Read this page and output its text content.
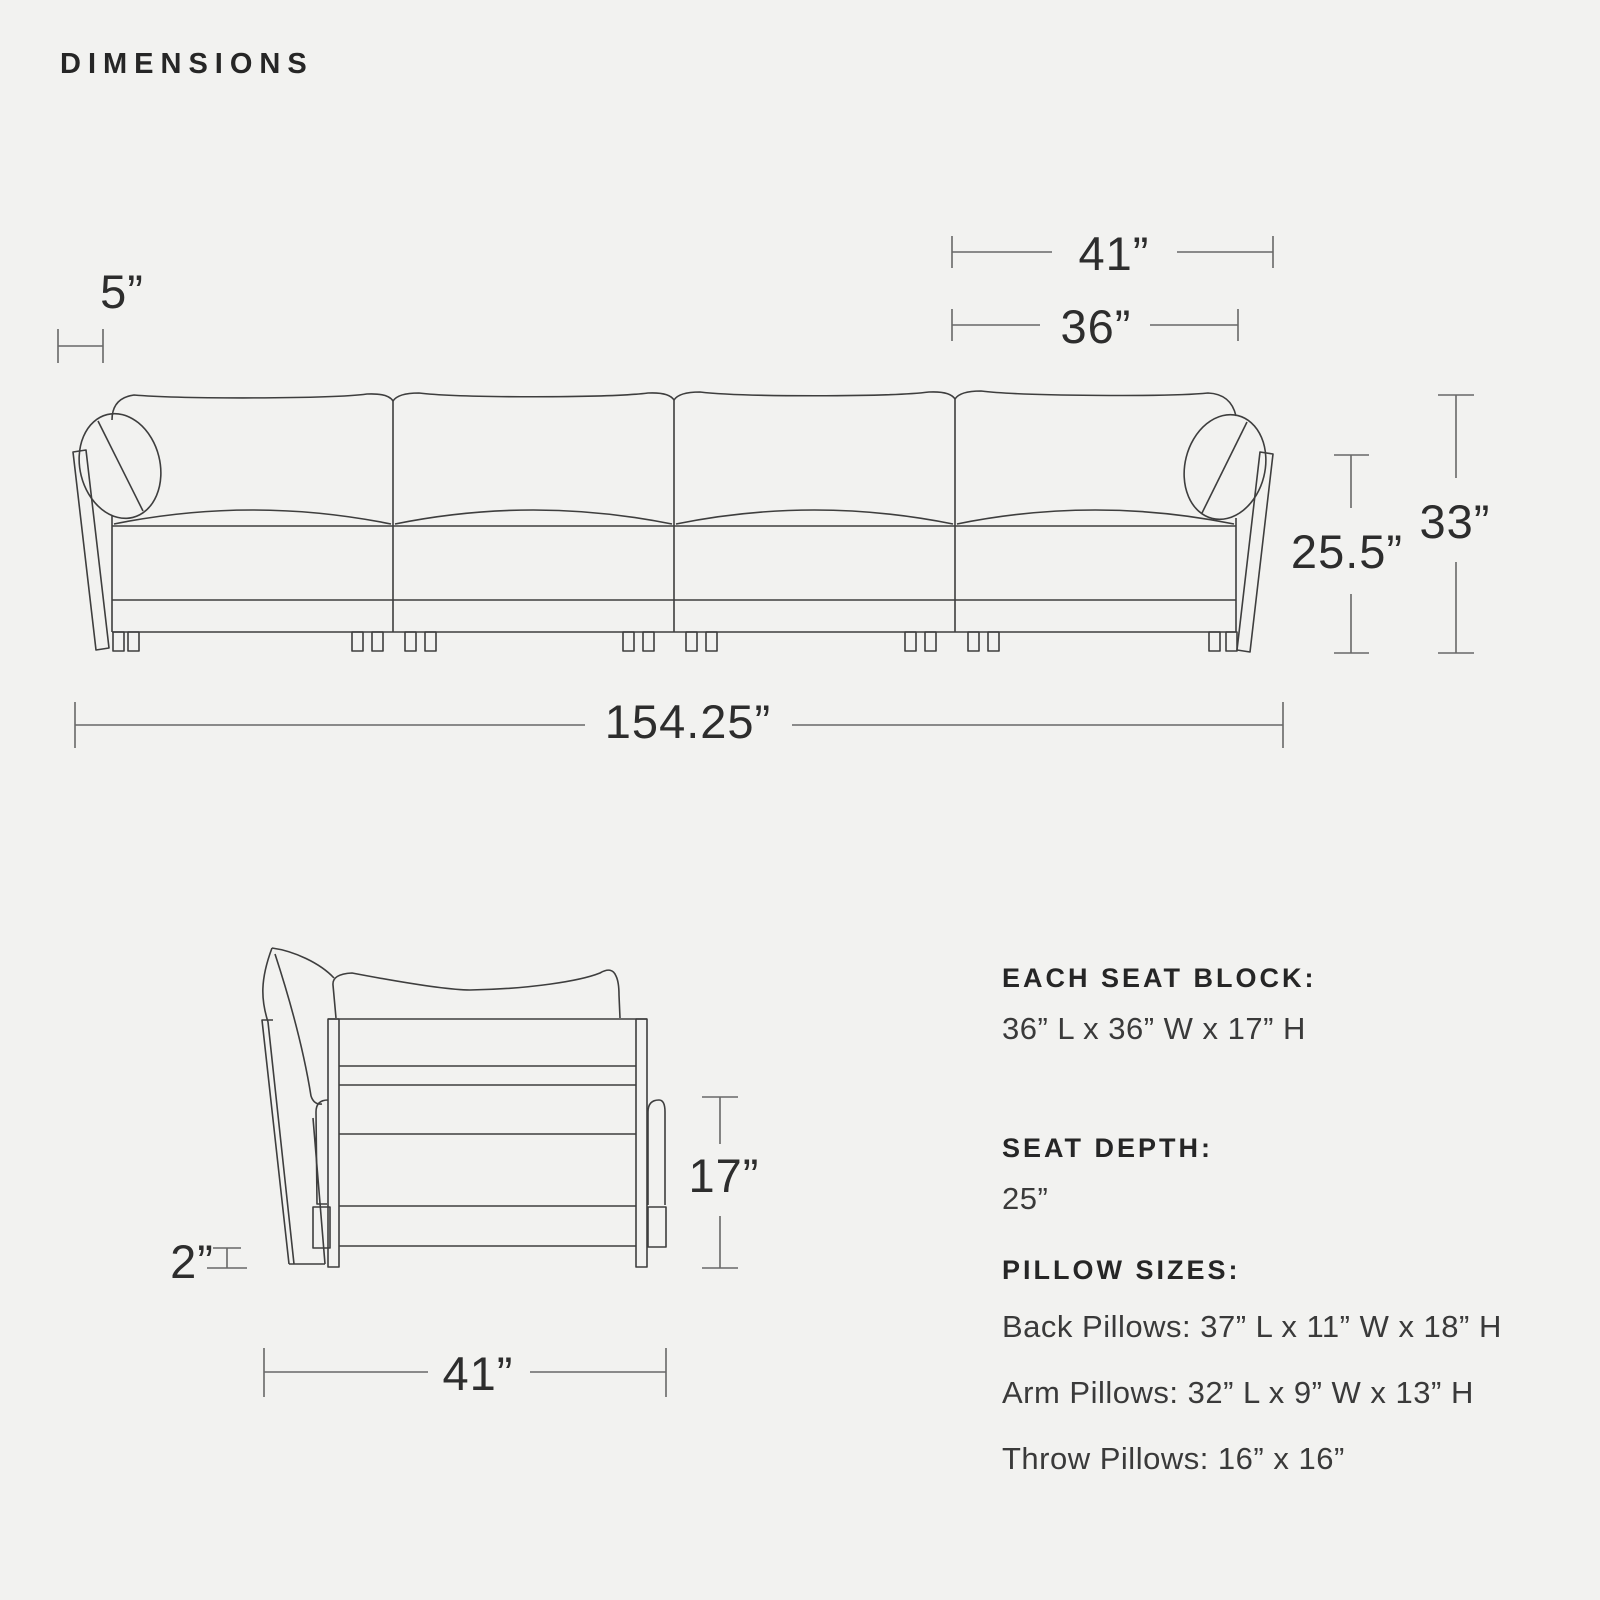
DIMENSIONS
5”
41”
36”
25.5”
33”
154.25”
2”
17”
41”
EACH SEAT BLOCK:
36” L x 36” W x 17” H
SEAT DEPTH:
25”
PILLOW SIZES:
Back Pillows: 37” L x 11” W x 18” H
Arm Pillows: 32” L x 9” W x 13” H
Throw Pillows: 16” x 16”
